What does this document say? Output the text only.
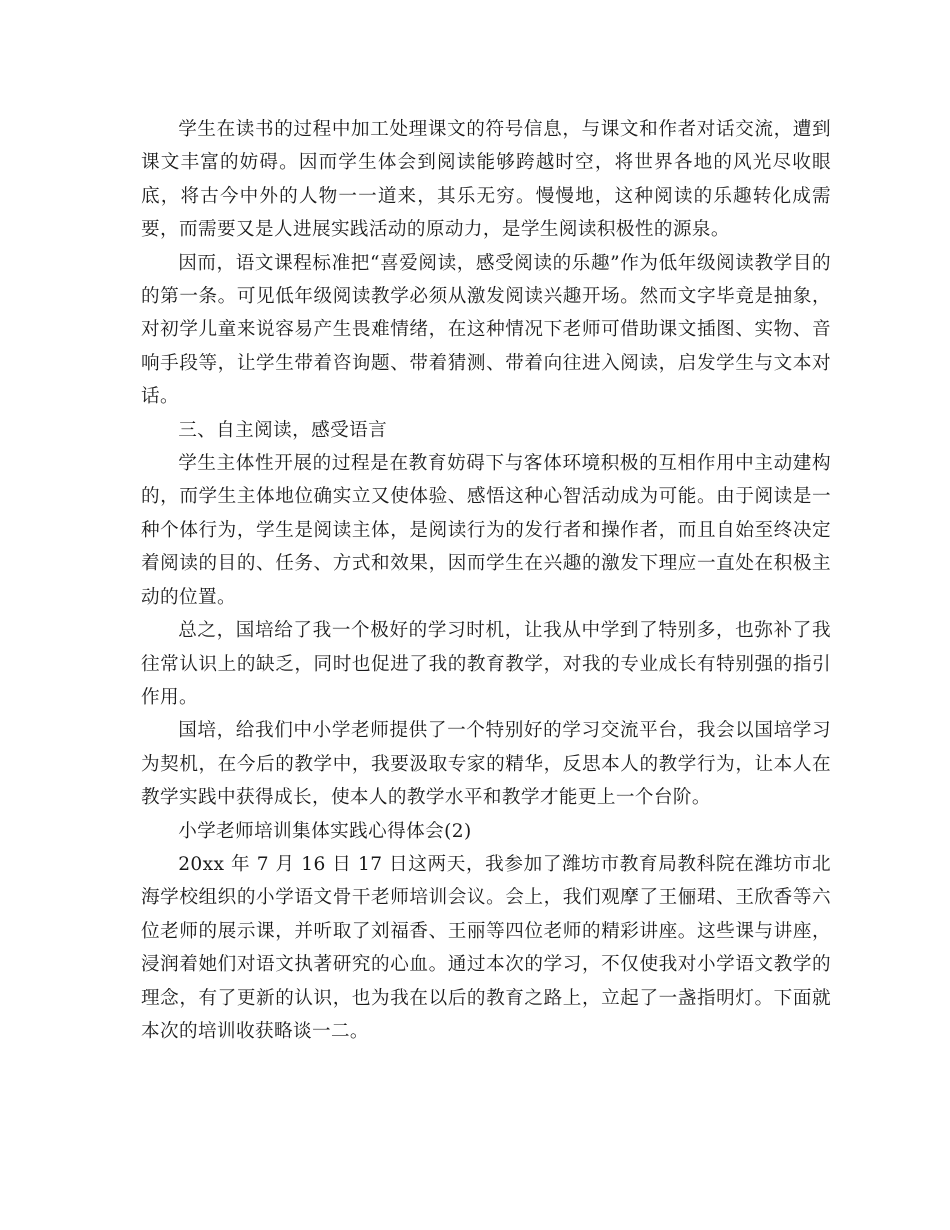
学生在读书的过程中加工处理课文的符号信息，与课文和作者对话交流，遭到课文丰富的妨碍。因而学生体会到阅读能够跨越时空，将世界各地的风光尽收眼底，将古今中外的人物一一道来，其乐无穷。慢慢地，这种阅读的乐趣转化成需要，而需要又是人进展实践活动的原动力，是学生阅读积极性的源泉。

因而，语文课程标准把“喜爱阅读，感受阅读的乐趣”作为低年级阅读教学目的的第一条。可见低年级阅读教学必须从激发阅读兴趣开场。然而文字毕竟是抽象，对初学儿童来说容易产生畏难情绪，在这种情况下老师可借助课文插图、实物、音响手段等，让学生带着咨询题、带着猜测、带着向往进入阅读，启发学生与文本对话。

三、自主阅读，感受语言

学生主体性开展的过程是在教育妨碍下与客体环境积极的互相作用中主动建构的，而学生主体地位确实立又使体验、感悟这种心智活动成为可能。由于阅读是一种个体行为，学生是阅读主体，是阅读行为的发行者和操作者，而且自始至终决定着阅读的目的、任务、方式和效果，因而学生在兴趣的激发下理应一直处在积极主动的位置。

总之，国培给了我一个极好的学习时机，让我从中学到了特别多，也弥补了我往常认识上的缺乏，同时也促进了我的教育教学，对我的专业成长有特别强的指引作用。

国培，给我们中小学老师提供了一个特别好的学习交流平台，我会以国培学习为契机，在今后的教学中，我要汲取专家的精华，反思本人的教学行为，让本人在教学实践中获得成长，使本人的教学水平和教学才能更上一个台阶。

小学老师培训集体实践心得体会(2)

20xx 年 7 月 16 日 17 日这两天，我参加了潍坊市教育局教科院在潍坊市北海学校组织的小学语文骨干老师培训会议。会上，我们观摩了王俪珺、王欣香等六位老师的展示课，并听取了刘福香、王丽等四位老师的精彩讲座。这些课与讲座，浸润着她们对语文执著研究的心血。通过本次的学习，不仅使我对小学语文教学的理念，有了更新的认识，也为我在以后的教育之路上，立起了一盏指明灯。下面就本次的培训收获略谈一二。
